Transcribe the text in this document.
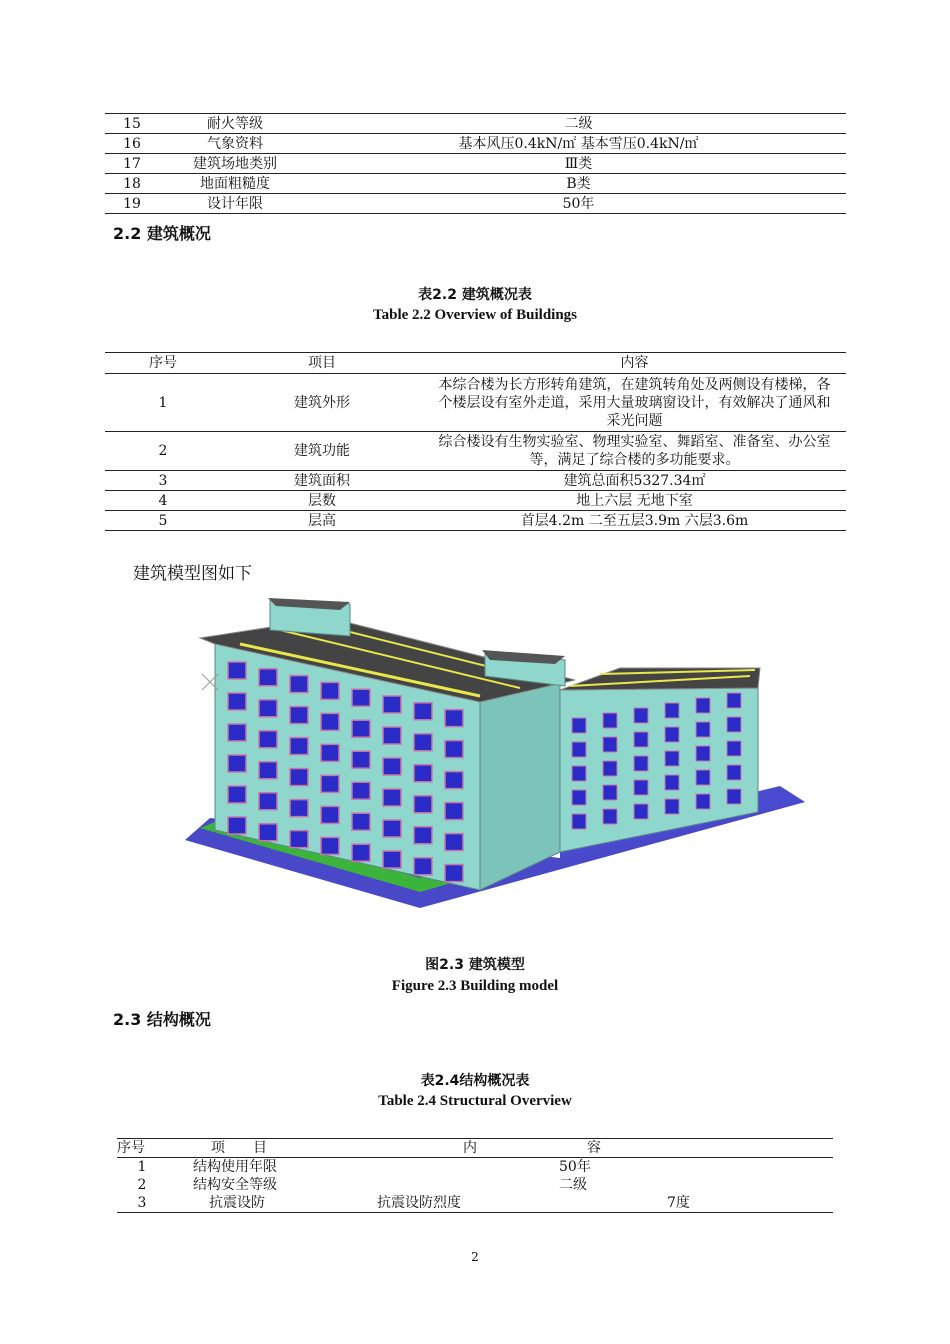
15	耐火等级	二级
16	气象资料	基本风压0.4kN/㎡ 基本雪压0.4kN/㎡
17	建筑场地类别	Ⅲ类
18	地面粗糙度	B类
19	设计年限	50年
2.2 建筑概况
表2.2 建筑概况表
Table 2.2 Overview of Buildings
序号	项目	内容
1	建筑外形	本综合楼为长方形转角建筑，在建筑转角处及两侧设有楼梯，各个楼层设有室外走道，采用大量玻璃窗设计，有效解决了通风和采光问题
2	建筑功能	综合楼设有生物实验室、物理实验室、舞蹈室、准备室、办公室等，满足了综合楼的多功能要求。
3	建筑面积	建筑总面积5327.34㎡
4	层数	地上六层 无地下室
5	层高	首层4.2m 二至五层3.9m 六层3.6m
建筑模型图如下
图2.3 建筑模型
Figure 2.3 Building model
2.3 结构概况
表2.4结构概况表
Table 2.4 Structural Overview
序号	项　　目	内	容
1	结构使用年限		50年
2	结构安全等级		二级
3	抗震设防	抗震设防烈度	7度
2
